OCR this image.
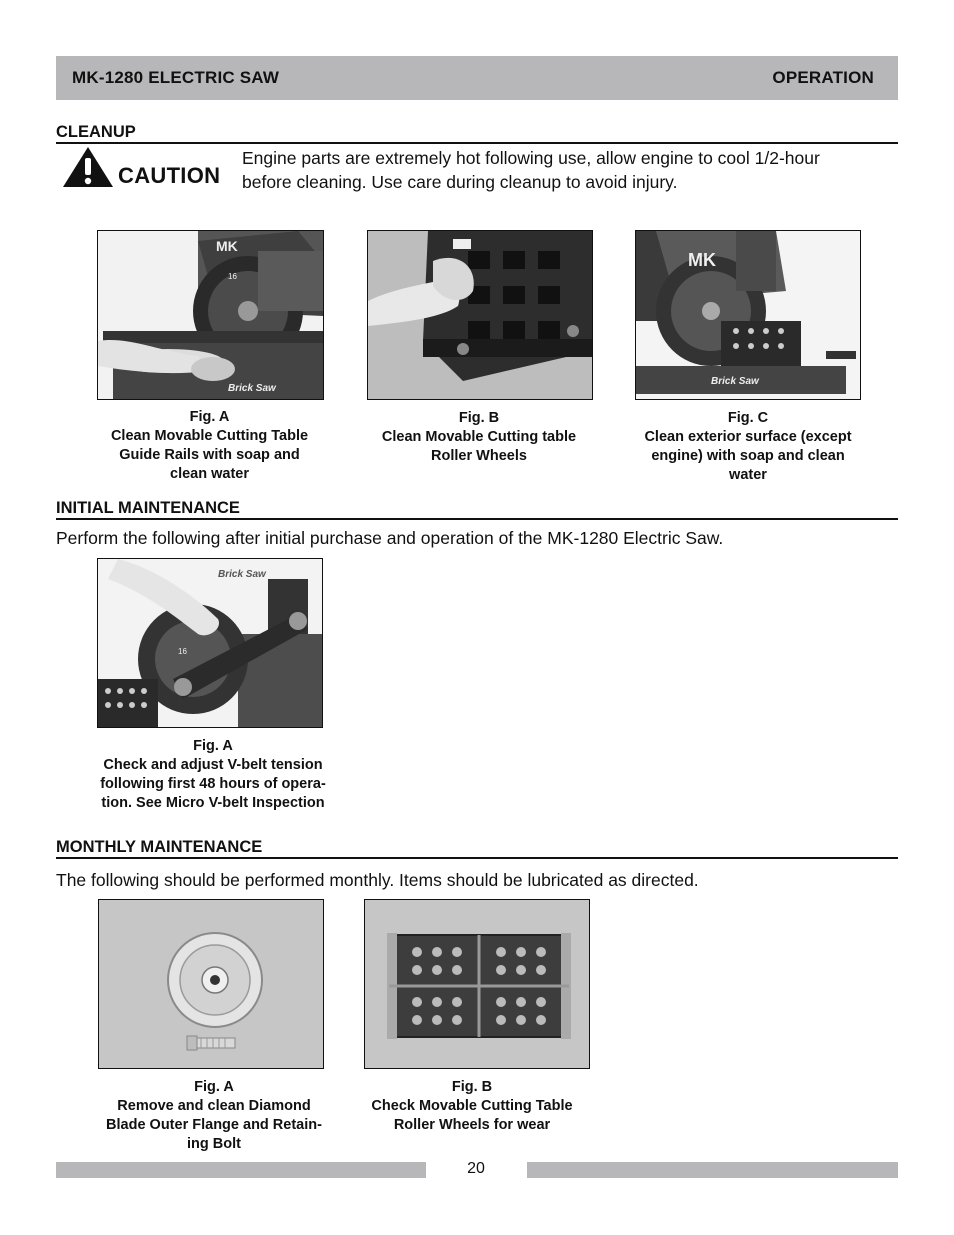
MK-1280 ELECTRIC SAW	OPERATION
CLEANUP
CAUTION
Engine parts are extremely hot following use, allow engine to cool 1/2-hour
before cleaning. Use care during cleanup to avoid injury.
MK
16
Brick Saw
Fig. A
Clean Movable Cutting Table
Guide Rails with soap and
clean water
Fig. B
Clean Movable Cutting table
Roller Wheels
MK
Brick Saw
Fig. C
Clean exterior surface (except
engine) with soap and clean
water
INITIAL MAINTENANCE
Perform the following after initial purchase and operation of the MK-1280 Electric Saw.
16
Brick Saw
Fig. A
Check and adjust V-belt tension
following first 48 hours of opera-
tion. See Micro V-belt Inspection
MONTHLY MAINTENANCE
The following should be performed monthly. Items should be lubricated as directed.
Fig. A
Remove and clean Diamond
Blade Outer Flange and Retain-
ing Bolt
Fig. B
Check Movable Cutting Table
Roller Wheels for wear
20
